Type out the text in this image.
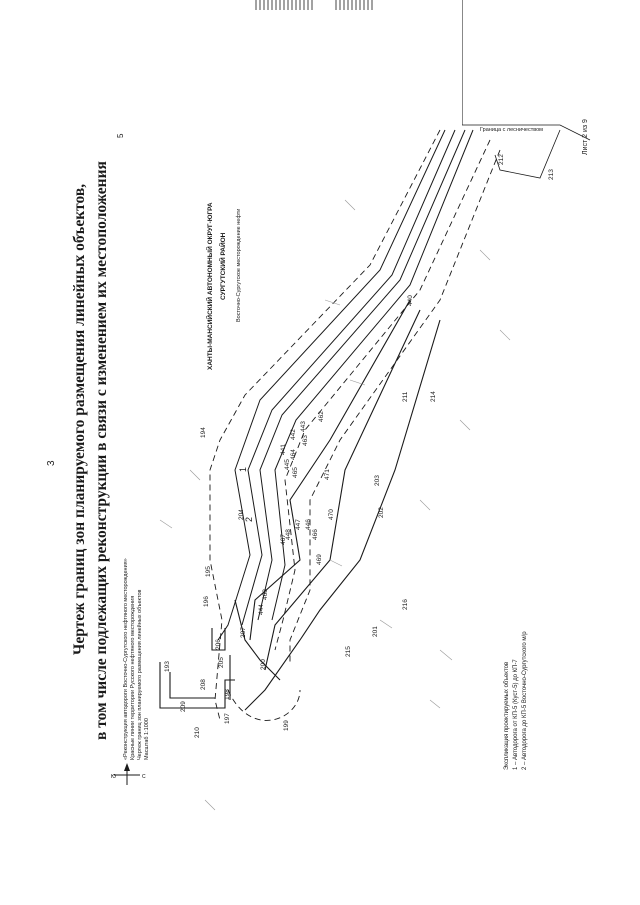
3
5	Лист 2 из 9
Чертеж границ зон планируемого размещения линейных объектов, в том числе подлежащих реконструкции в связи с изменением их местоположения «Реконструкция автодороги Восточно-Сургутского нефтяного месторождения» Красные линии территории Русского нефтяного месторождения Чертеж границ зон планируемого размещения линейных объектов Масштаб 1:1000	Экспликация проектируемых объектов 1 – Автодорога от КП-5 (Куст-5) до КП-7 2 – Автодорога до КП-5 Восточно-Сургутского м/р
ХАНТЫ-МАНСИЙСКИЙ АВТОНОМНЫЙ ОКРУГ-ЮГРА СУРГУТСКИЙ РАЙОН Восточно-Сургутское месторождение нефти
Граница с лесничеством
Ю	С
193
194
195
196
197
198
199
200
201
202
203
204
205
206
207
208
209
210
211
212
213
214
215
216
440
441
442
443
444
445
446
447
448
462
463
464
465
466
467
468
469
470
471
1
2
